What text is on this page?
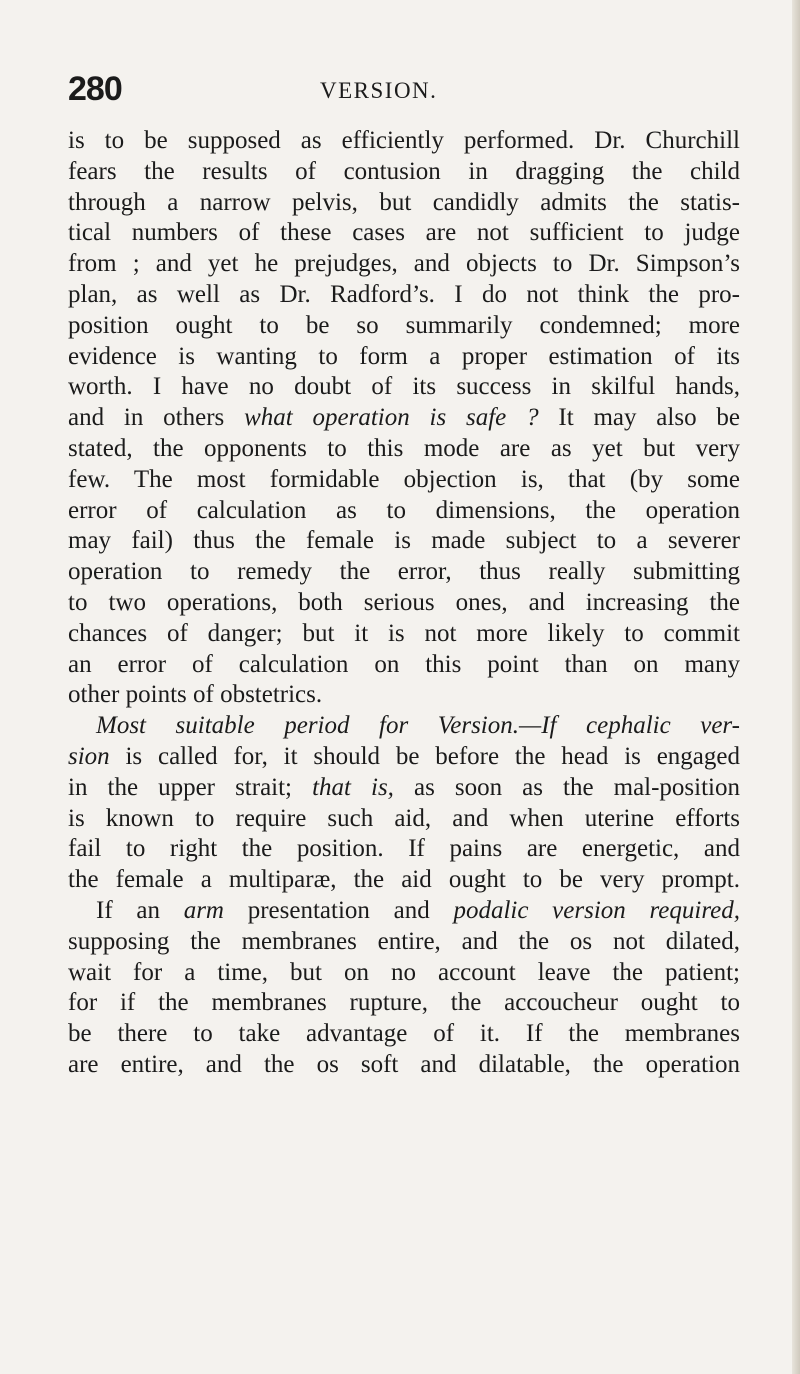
280	VERSION.
is to be supposed as efficiently performed. Dr. Churchill
fears the results of contusion in dragging the child
through a narrow pelvis, but candidly admits the statis-
tical numbers of these cases are not sufficient to judge
from ; and yet he prejudges, and objects to Dr. Simpson’s
plan, as well as Dr. Radford’s. I do not think the pro-
position ought to be so summarily condemned; more
evidence is wanting to form a proper estimation of its
worth. I have no doubt of its success in skilful hands,
and in others what operation is safe ? It may also be
stated, the opponents to this mode are as yet but very
few. The most formidable objection is, that (by some
error of calculation as to dimensions, the operation
may fail) thus the female is made subject to a severer
operation to remedy the error, thus really submitting
to two operations, both serious ones, and increasing the
chances of danger; but it is not more likely to commit
an error of calculation on this point than on many
other points of obstetrics.
Most suitable period for Version.—If cephalic ver-
sion is called for, it should be before the head is engaged
in the upper strait; that is, as soon as the mal-position
is known to require such aid, and when uterine efforts
fail to right the position. If pains are energetic, and
the female a multiparæ, the aid ought to be very prompt.
If an arm presentation and podalic version required,
supposing the membranes entire, and the os not dilated,
wait for a time, but on no account leave the patient;
for if the membranes rupture, the accoucheur ought to
be there to take advantage of it. If the membranes
are entire, and the os soft and dilatable, the operation
